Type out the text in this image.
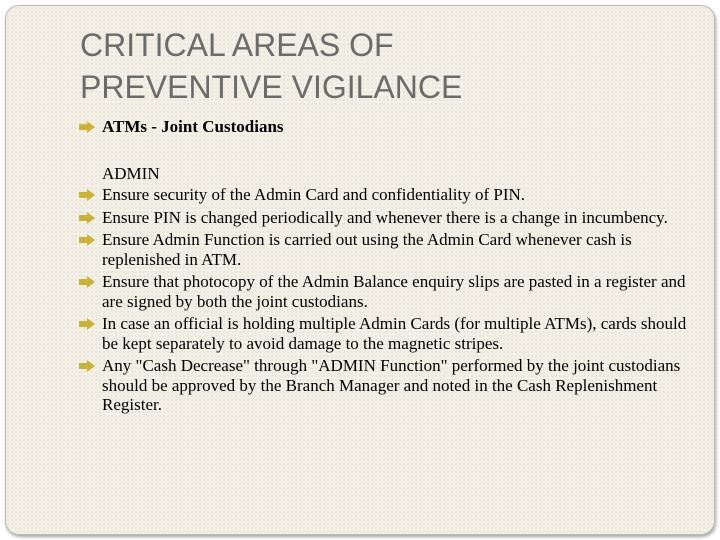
CRITICAL AREAS OF
PREVENTIVE VIGILANCE

ATMs - Joint Custodians

ADMIN

Ensure security of the Admin Card and confidentiality of PIN.

Ensure PIN is changed periodically and whenever there is a change in incumbency.

Ensure Admin Function is carried out using the Admin Card whenever cash is replenished in ATM.

Ensure that photocopy of the Admin Balance enquiry slips are pasted in a register and are signed by both the joint custodians.

In case an official is holding multiple Admin Cards (for multiple ATMs), cards should be kept separately to avoid damage to the magnetic stripes.

Any "Cash Decrease" through "ADMIN Function" performed by the joint custodians should be approved by the Branch Manager and noted in the Cash Replenishment Register.
